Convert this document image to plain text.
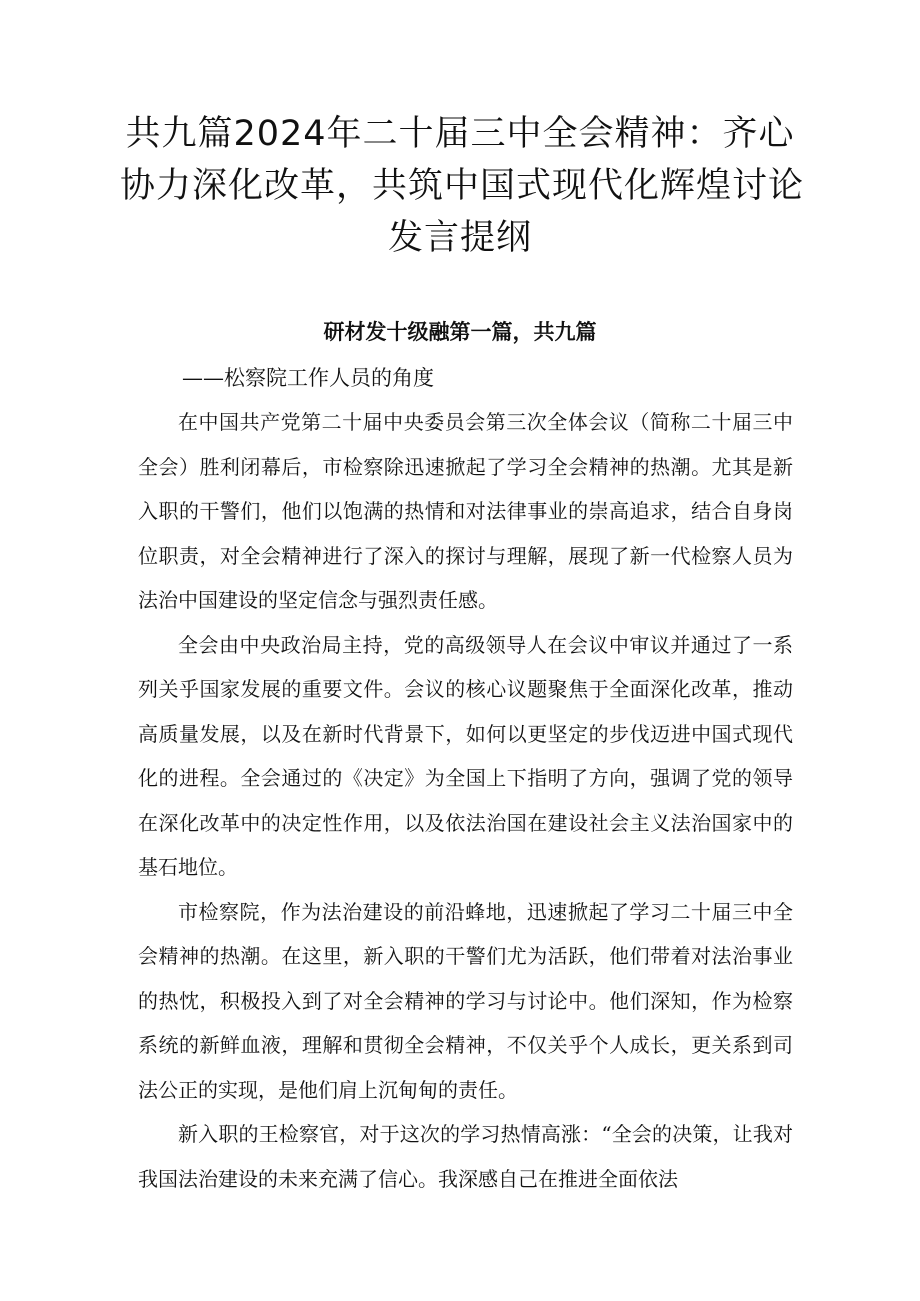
共九篇2024年二十届三中全会精神：齐心
协力深化改革，共筑中国式现代化辉煌讨论
发言提纲

研材发十级融第一篇，共九篇

——松察院工作人员的角度

在中国共产党第二十届中央委员会第三次全体会议（简称二十届三中全会）胜利闭幕后，市检察除迅速掀起了学习全会精神的热潮。尤其是新入职的干警们，他们以饱满的热情和对法律事业的崇高追求，结合自身岗位职责，对全会精神进行了深入的探讨与理解，展现了新一代检察人员为法治中国建设的坚定信念与强烈责任感。

全会由中央政治局主持，党的高级领导人在会议中审议并通过了一系列关乎国家发展的重要文件。会议的核心议题聚焦于全面深化改革，推动高质量发展，以及在新时代背景下，如何以更坚定的步伐迈进中国式现代化的进程。全会通过的《决定》为全国上下指明了方向，强调了党的领导在深化改革中的决定性作用，以及依法治国在建设社会主义法治国家中的基石地位。

市检察院，作为法治建设的前沿蜂地，迅速掀起了学习二十届三中全会精神的热潮。在这里，新入职的干警们尤为活跃，他们带着对法治事业的热忱，积极投入到了对全会精神的学习与讨论中。他们深知，作为检察系统的新鲜血液，理解和贯彻全会精神，不仅关乎个人成长，更关系到司法公正的实现，是他们肩上沉甸甸的责任。

新入职的王检察官，对于这次的学习热情高涨：“全会的决策，让我对我国法治建设的未来充满了信心。我深感自己在推进全面依法
